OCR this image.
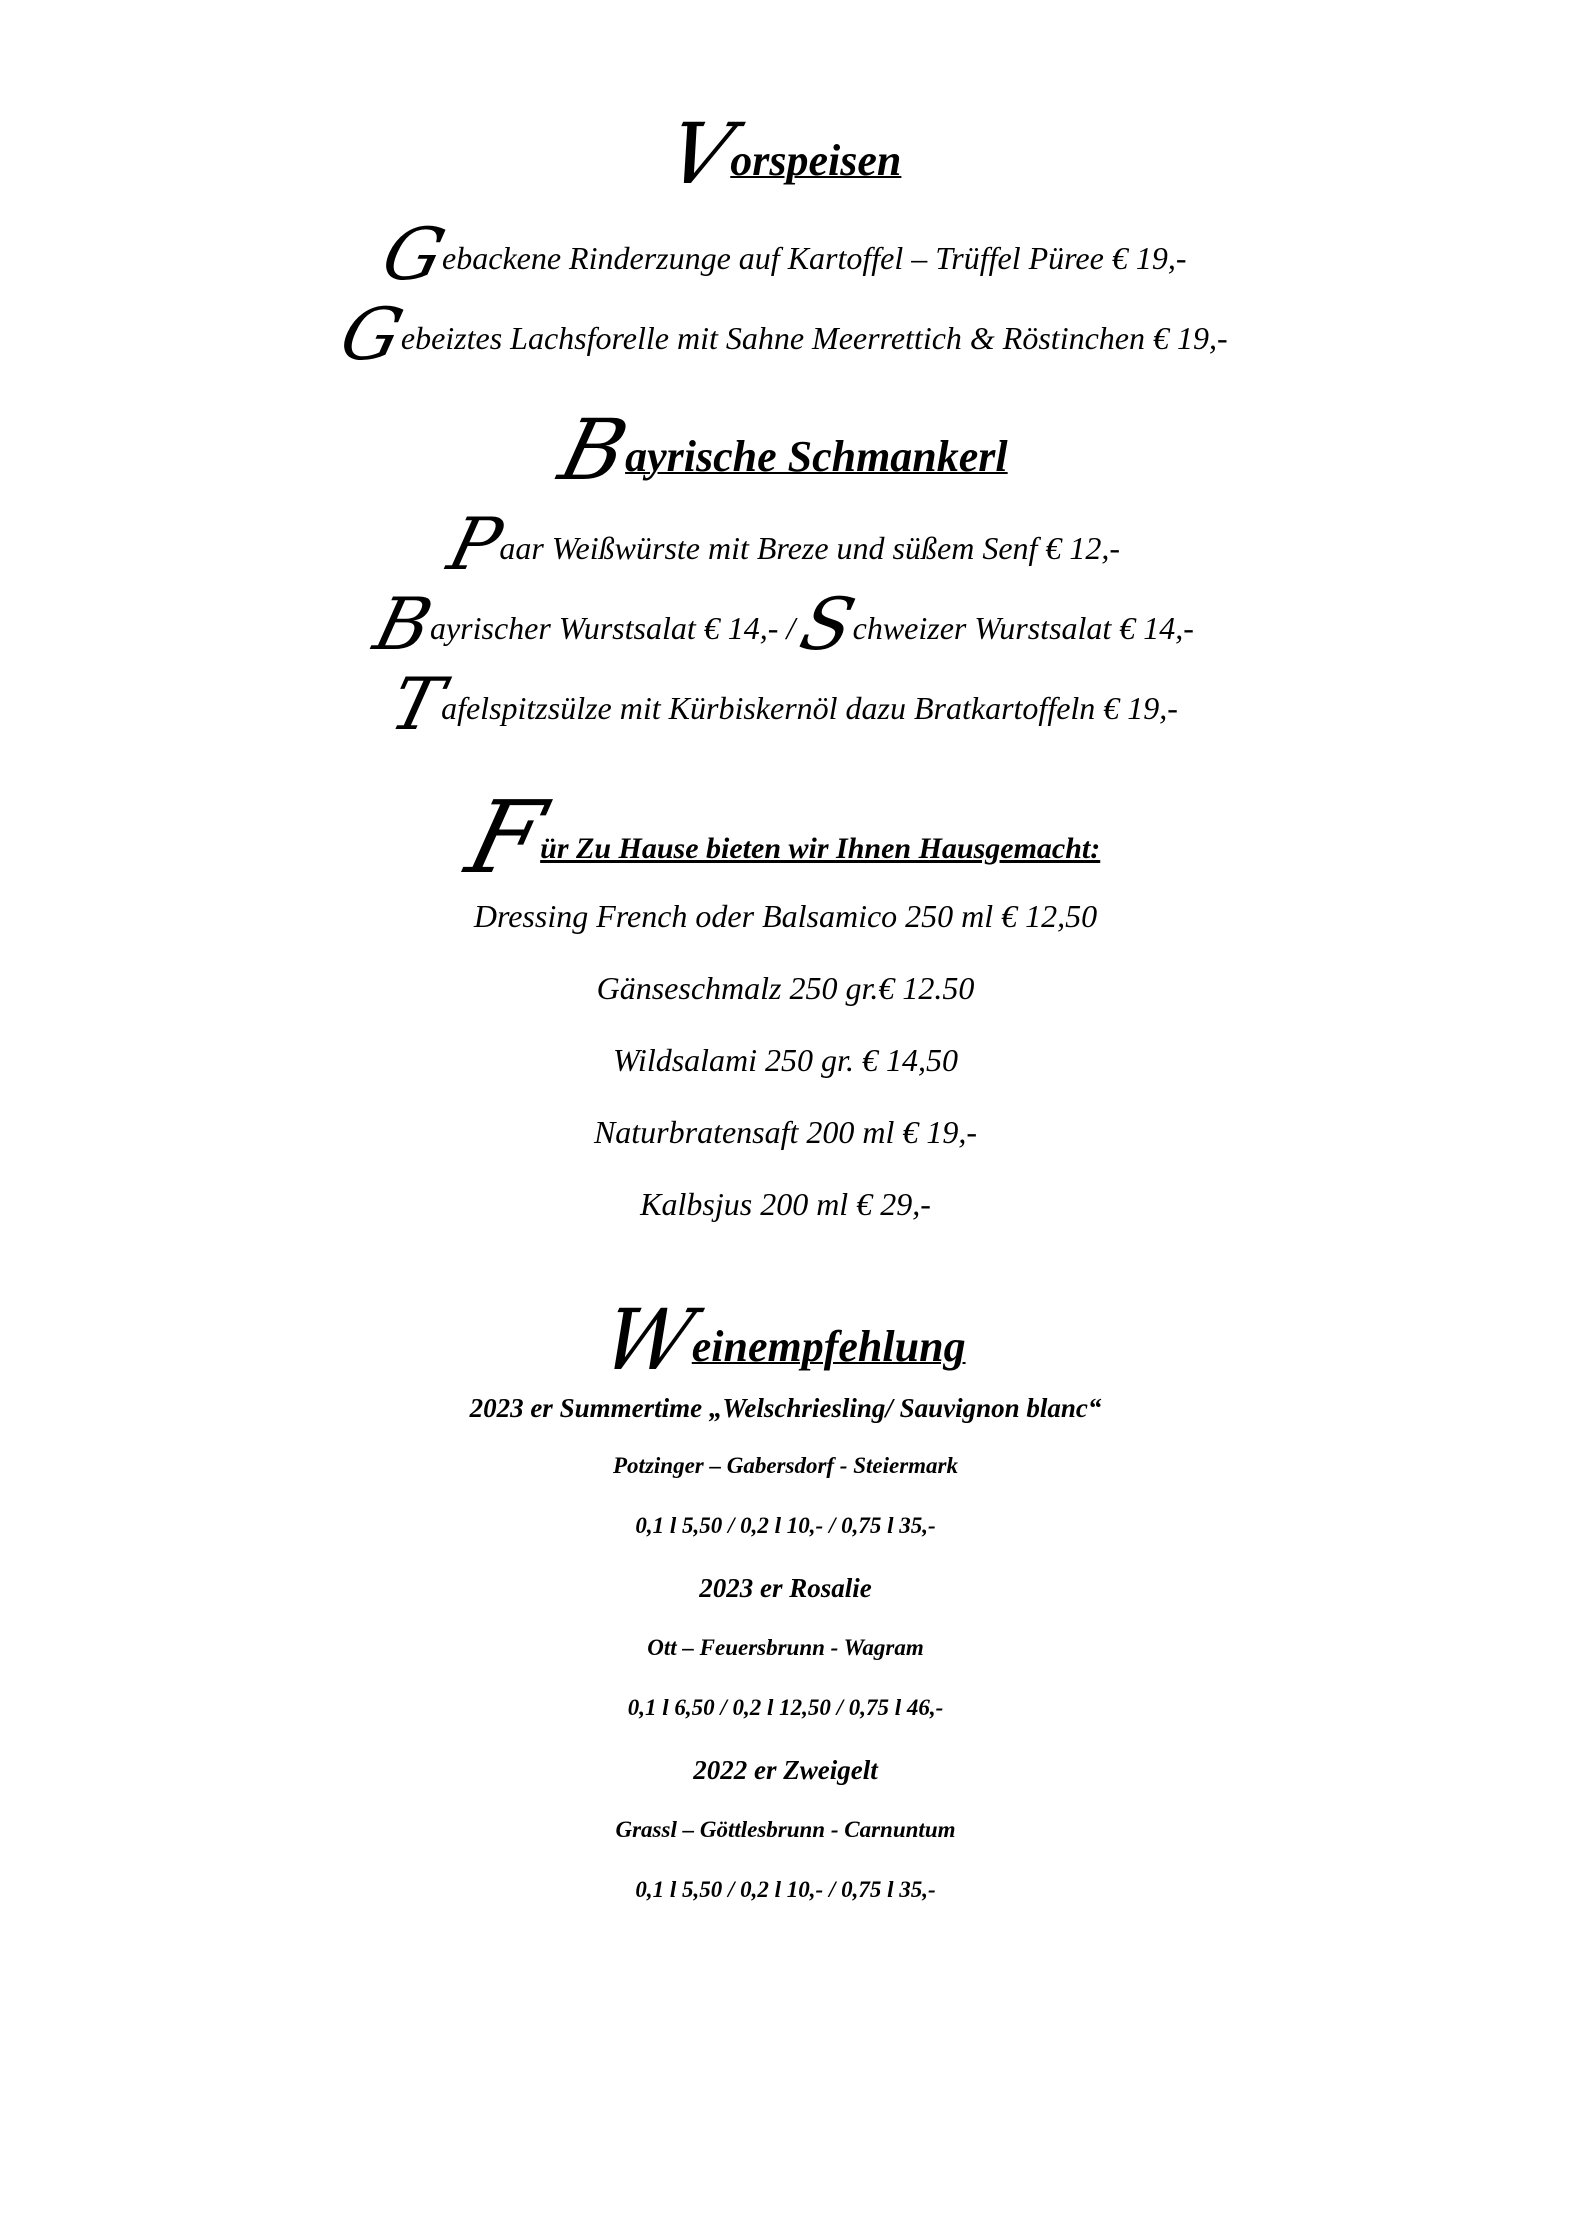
Vorspeisen
Gebackene Rinderzunge auf Kartoffel – Trüffel Püree € 19,-
Gebeiztes Lachsforelle mit Sahne Meerrettich & Röstinchen € 19,-
Bayrische Schmankerl
Paar Weißwürste mit Breze und süßem Senf € 12,-
Bayrischer Wurstsalat € 14,- / Schweizer Wurstsalat € 14,-
Tafelspitzsülze mit Kürbiskernöl dazu Bratkartoffeln € 19,-
Für Zu Hause bieten wir Ihnen Hausgemacht:
Dressing French oder Balsamico 250 ml € 12,50
Gänseschmalz 250 gr.€ 12.50
Wildsalami 250 gr. € 14,50
Naturbratensaft 200 ml € 19,-
Kalbsjus 200 ml € 29,-
Weinempfehlung
2023 er Summertime „Welschriesling/ Sauvignon blanc“
Potzinger – Gabersdorf - Steiermark
0,1 l 5,50 / 0,2 l 10,- / 0,75 l 35,-
2023 er Rosalie
Ott – Feuersbrunn - Wagram
0,1 l 6,50 / 0,2 l 12,50 / 0,75 l 46,-
2022 er Zweigelt
Grassl – Göttlesbrunn - Carnuntum
0,1 l 5,50 / 0,2 l 10,- / 0,75 l 35,-
